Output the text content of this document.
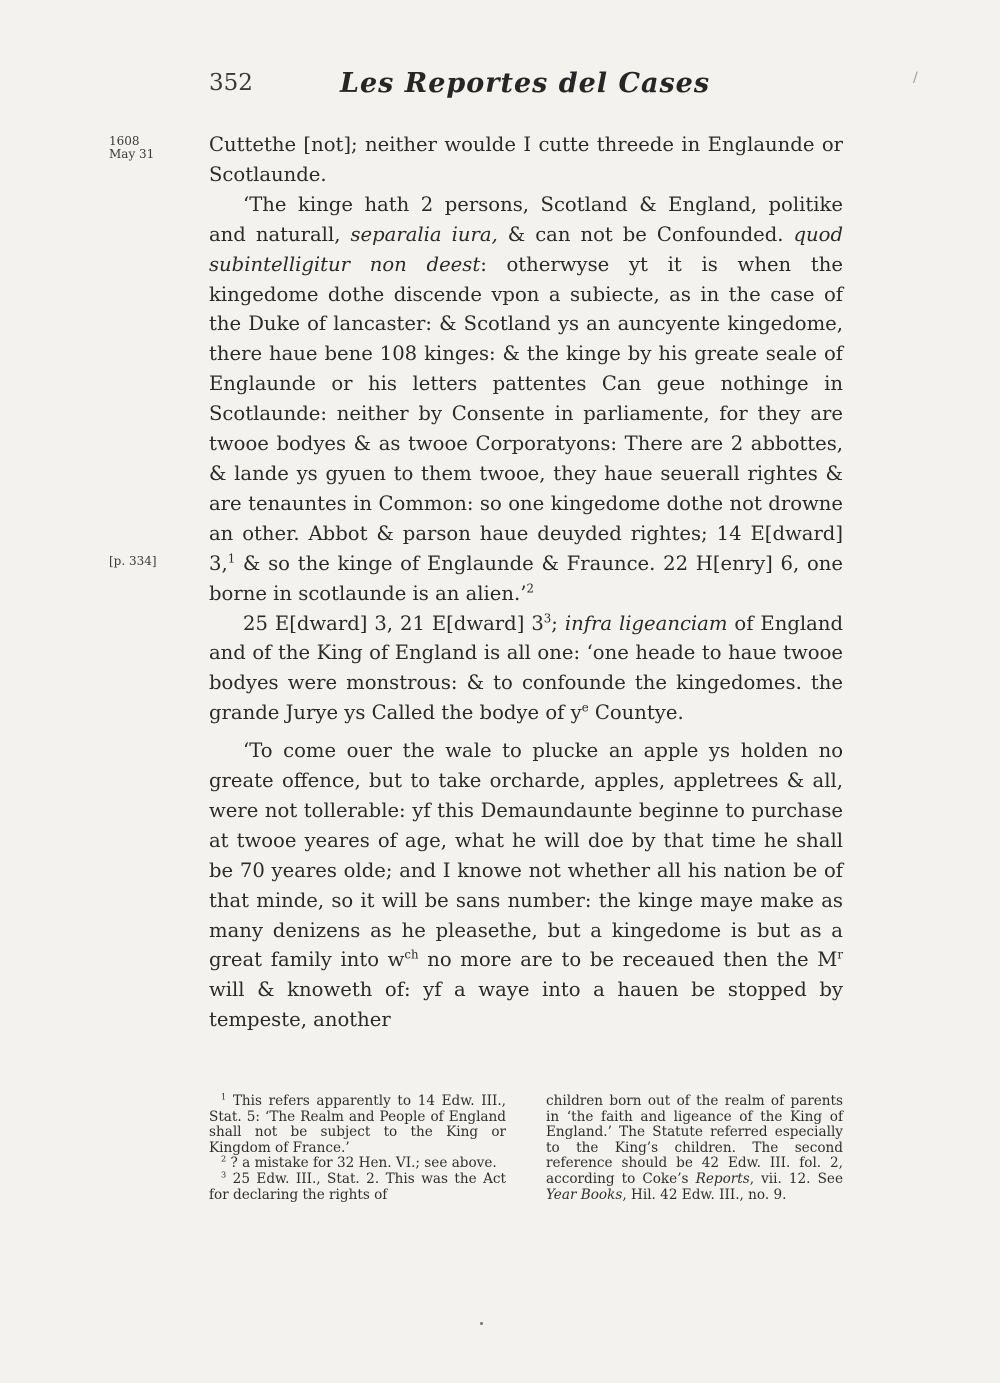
352	Les Reportes del Cases	/
1608
May 31
[p. 334]

Cuttethe [not]; neither woulde I cutte threede in Englaunde or Scotlaunde.

‘The kinge hath 2 persons, Scotland & England, politike and naturall, separalia iura, & can not be Confounded. quod subintelligitur non deest: otherwyse yt it is when the kingedome dothe discende vpon a subiecte, as in the case of the Duke of lancaster: & Scotland ys an auncyente kingedome, there haue bene 108 kinges: & the kinge by his greate seale of Englaunde or his letters pattentes Can geue nothinge in Scotlaunde: neither by Consente in parliamente, for they are twooe bodyes & as twooe Corporatyons: There are 2 abbottes, & lande ys gyuen to them twooe, they haue seuerall rightes & are tenauntes in Common: so one kingedome dothe not drowne an other. Abbot & parson haue deuyded rightes; 14 E[dward] 3,$^1$ & so the kinge of Englaunde & Fraunce. 22 H[enry] 6, one borne in scotlaunde is an alien.’$^2$

25 E[dward] 3, 21 E[dward] $3^3$; infra ligeanciam of England and of the King of England is all one: ‘one heade to haue twooe bodyes were monstrous: & to confounde the kingedomes. the grande Jurye ys Called the bodye of $y^e$ Countye.

‘To come ouer the wale to plucke an apple ys holden no greate offence, but to take orcharde, apples, appletrees & all, were not tollerable: yf this Demaundaunte beginne to purchase at twooe yeares of age, what he will doe by that time he shall be 70 yeares olde; and I knowe not whether all his nation be of that minde, so it will be sans number: the kinge maye make as many denizens as he pleasethe, but a kingedome is but as a great family into $w^{ch}$ no more are to be receaued then the $M^r$ will & knoweth of: yf a waye into a hauen be stopped by tempeste, another

$^1$ This refers apparently to 14 Edw. III., Stat. 5: ‘The Realm and People of England shall not be subject to the King or Kingdom of France.’

$^2$ ? a mistake for 32 Hen. VI.; see above.

$^3$ 25 Edw. III., Stat. 2. This was the Act for declaring the rights of

children born out of the realm of parents in ‘the faith and ligeance of the King of England.’ The Statute referred especially to the King’s children. The second reference should be 42 Edw. III. fol. 2, according to Coke’s Reports, vii. 12. See Year Books, Hil. 42 Edw. III., no. 9.
